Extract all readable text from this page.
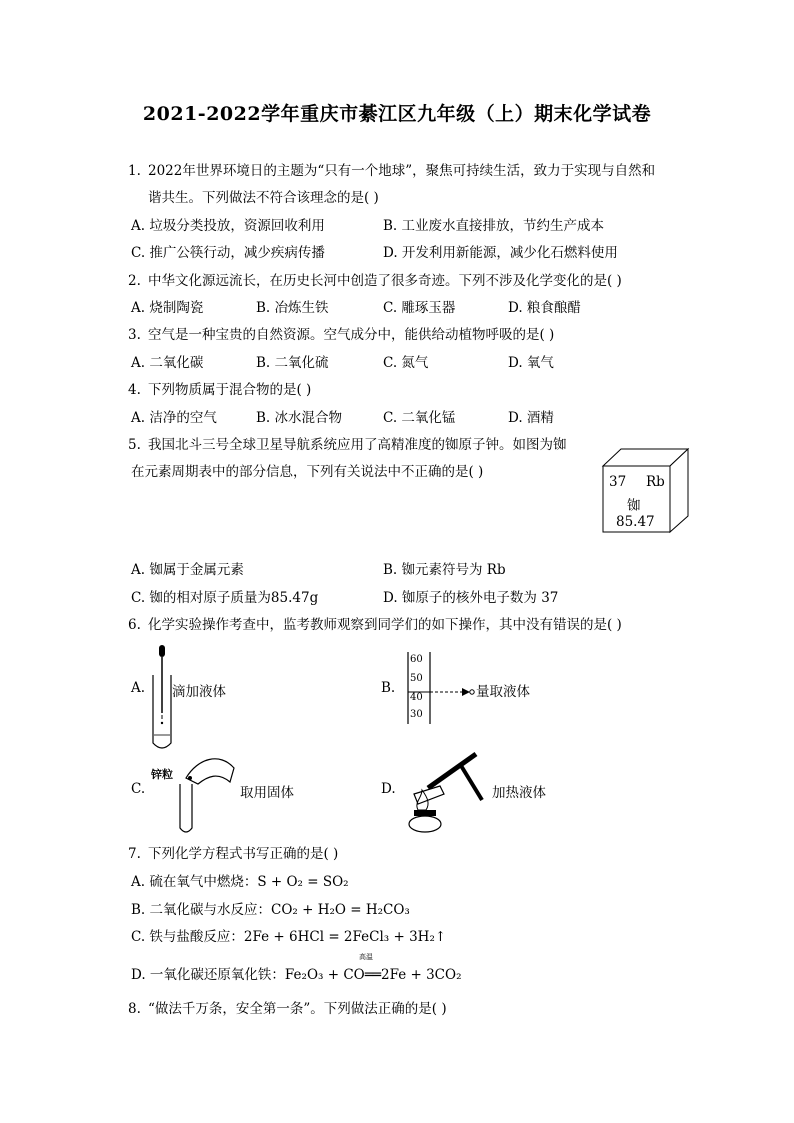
2021-2022学年重庆市綦江区九年级（上）期末化学试卷
1. 2022年世界环境日的主题为“只有一个地球”，聚焦可持续生活，致力于实现与自然和
谐共生。下列做法不符合该理念的是( )
A. 垃圾分类投放，资源回收利用	B. 工业废水直接排放，节约生产成本
C. 推广公筷行动，减少疾病传播	D. 开发利用新能源，减少化石燃料使用
2. 中华文化源远流长，在历史长河中创造了很多奇迹。下列不涉及化学变化的是( )
A. 烧制陶瓷	B. 冶炼生铁	C. 雕琢玉器	D. 粮食酿醋
3. 空气是一种宝贵的自然资源。空气成分中，能供给动植物呼吸的是( )
A. 二氧化碳	B. 二氧化硫	C. 氮气	D. 氧气
4. 下列物质属于混合物的是( )
A. 洁净的空气	B. 冰水混合物	C. 二氧化锰	D. 酒精
5. 我国北斗三号全球卫星导航系统应用了高精准度的铷原子钟。如图为铷
在元素周期表中的部分信息，下列有关说法中不正确的是( )
37 Rb
铷
85.47
A. 铷属于金属元素	B. 铷元素符号为 Rb
C. 铷的相对原子质量为85.47g	D. 铷原子的核外电子数为 37
6. 化学实验操作考查中，监考教师观察到同学们的如下操作，其中没有错误的是( )
A. 滴加液体	B.
60
50
40
30
量取液体
C.
锌粒
取用固体	D.	加热液体
7. 下列化学方程式书写正确的是( )
A. 硫在氧气中燃烧：S + O₂ = SO₂
B. 二氧化碳与水反应：CO₂ + H₂O = H₂CO₃
C. 铁与盐酸反应：2Fe + 6HCl = 2FeCl₃ + 3H₂↑
高温
D. 一氧化碳还原氧化铁：Fe₂O₃ + CO══2Fe + 3CO₂
8. “做法千万条，安全第一条”。下列做法正确的是( )
